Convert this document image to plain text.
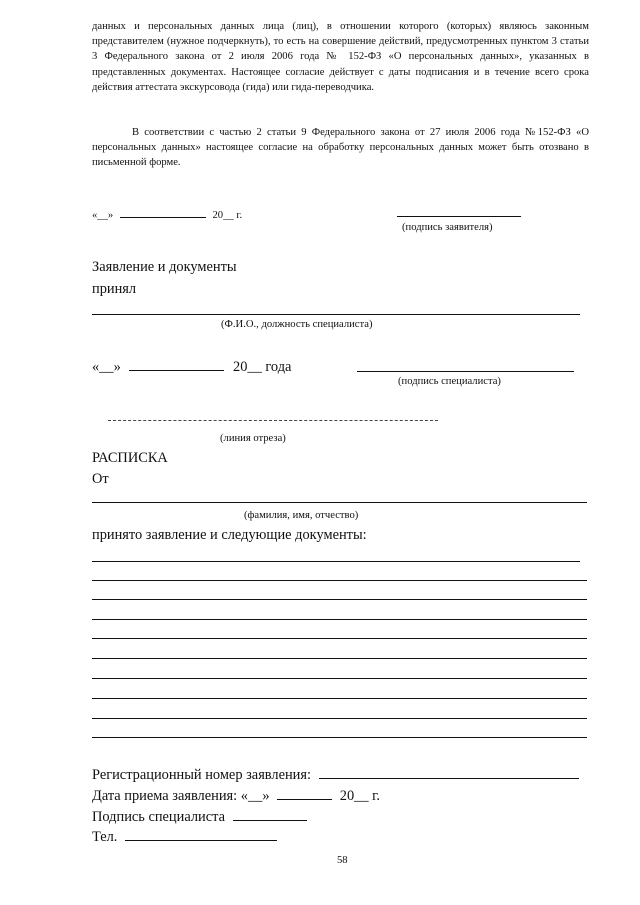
данных и персональных данных лица (лиц), в отношении которого (которых) являюсь законным представителем (нужное подчеркнуть), то есть на совершение действий, предусмотренных пунктом 3 статьи 3 Федерального закона от 2 июля 2006 года № 152-ФЗ «О персональных данных», указанных в представленных документах. Настоящее согласие действует с даты подписания и в течение всего срока действия аттестата экскурсовода (гида) или гида-переводчика.
В соответствии с частью 2 статьи 9 Федерального закона от 27 июля 2006 года №152-ФЗ «О персональных данных» настоящее согласие на обработку персональных данных может быть отозвано в письменной форме.
«__»	20__ г.
(подпись заявителя)
Заявление и документы
принял
(Ф.И.О., должность специалиста)
«__»	20__ года
(подпись специалиста)
(линия отреза)
РАСПИСКА
От
(фамилия, имя, отчество)
принято заявление и следующие документы:
Регистрационный номер заявления:
Дата приема заявления: «__»	20__ г.
Подпись специалиста
Тел.
58
